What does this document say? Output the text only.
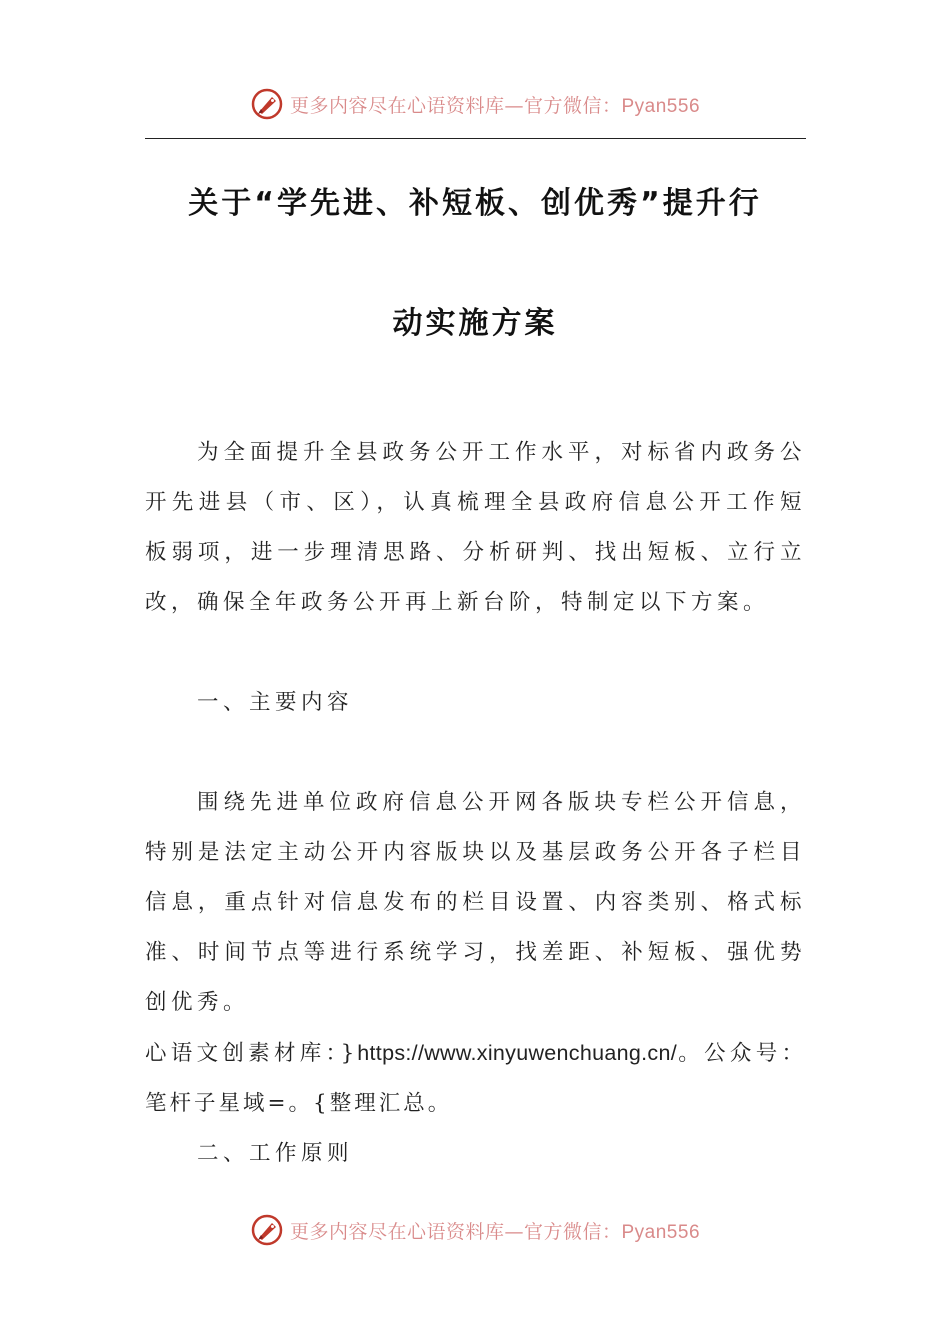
更多内容尽在心语资料库—官方微信：Pyan556
关于“学先进、补短板、创优秀”提升行
动实施方案

为全面提升全县政务公开工作水平，对标省内政务公开先进县（市、区），认真梳理全县政府信息公开工作短板弱项，进一步理清思路、分析研判、找出短板、立行立改，确保全年政务公开再上新台阶，特制定以下方案。

一、主要内容

围绕先进单位政府信息公开网各版块专栏公开信息，特别是法定主动公开内容版块以及基层政务公开各子栏目信息，重点针对信息发布的栏目设置、内容类别、格式标准、时间节点等进行系统学习，找差距、补短板、强优势创优秀。

心语文创素材库：}https://www.xinyuwenchuang.cn/。公众号：笔杆子星域=。{整理汇总。

二、工作原则

更多内容尽在心语资料库—官方微信：Pyan556
